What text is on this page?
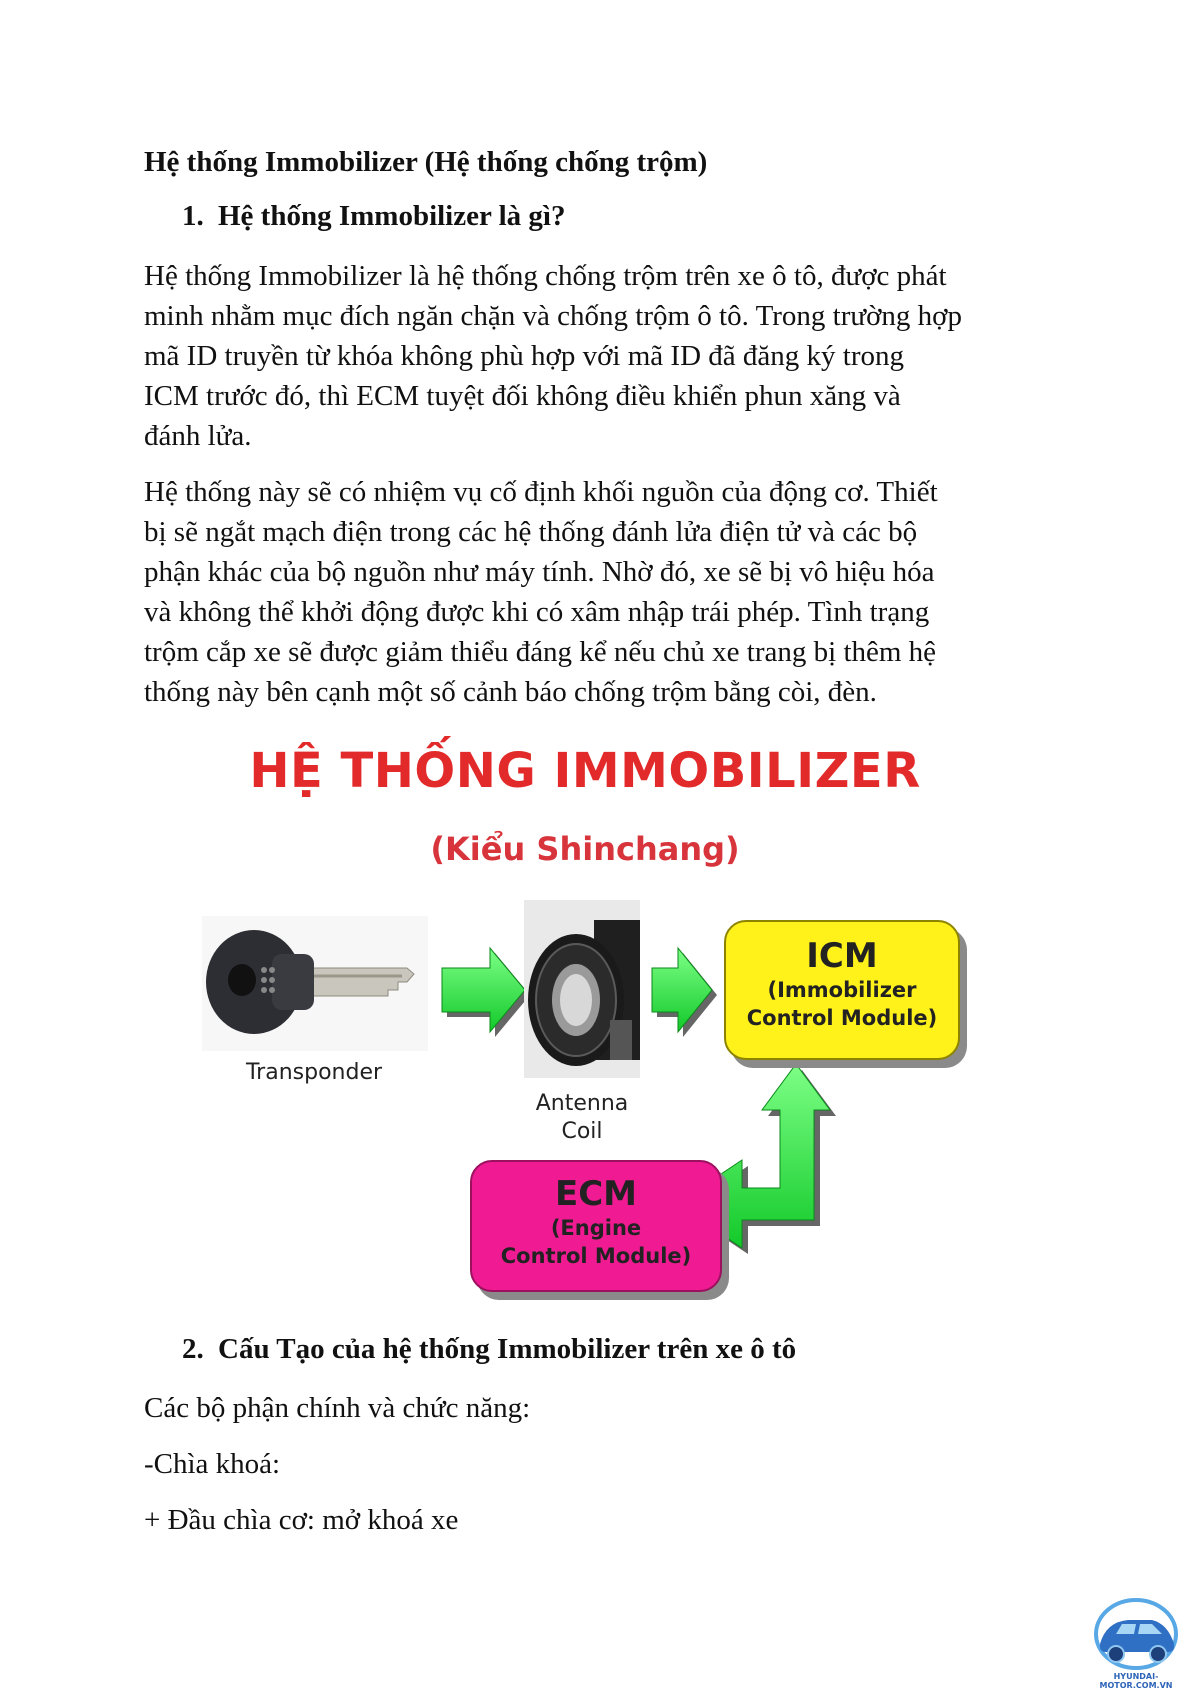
Hệ thống Immobilizer (Hệ thống chống trộm)
1. Hệ thống Immobilizer là gì?
Hệ thống Immobilizer là hệ thống chống trộm trên xe ô tô, được phát
minh nhằm mục đích ngăn chặn và chống trộm ô tô. Trong trường hợp
mã ID truyền từ khóa không phù hợp với mã ID đã đăng ký trong
ICM trước đó, thì ECM tuyệt đối không điều khiển phun xăng và
đánh lửa.
Hệ thống này sẽ có nhiệm vụ cố định khối nguồn của động cơ. Thiết
bị sẽ ngắt mạch điện trong các hệ thống đánh lửa điện tử và các bộ
phận khác của bộ nguồn như máy tính. Nhờ đó, xe sẽ bị vô hiệu hóa
và không thể khởi động được khi có xâm nhập trái phép. Tình trạng
trộm cắp xe sẽ được giảm thiểu đáng kể nếu chủ xe trang bị thêm hệ
thống này bên cạnh một số cảnh báo chống trộm bằng còi, đèn.
HỆ THỐNG IMMOBILIZER
(Kiểu Shinchang)
Transponder
Antenna
Coil
ICM
(Immobilizer
Control Module)
ECM
(Engine
Control Module)
2. Cấu Tạo của hệ thống Immobilizer trên xe ô tô
Các bộ phận chính và chức năng:
-Chìa khoá:
+ Đầu chìa cơ: mở khoá xe
HYUNDAI-MOTOR.COM.VN
